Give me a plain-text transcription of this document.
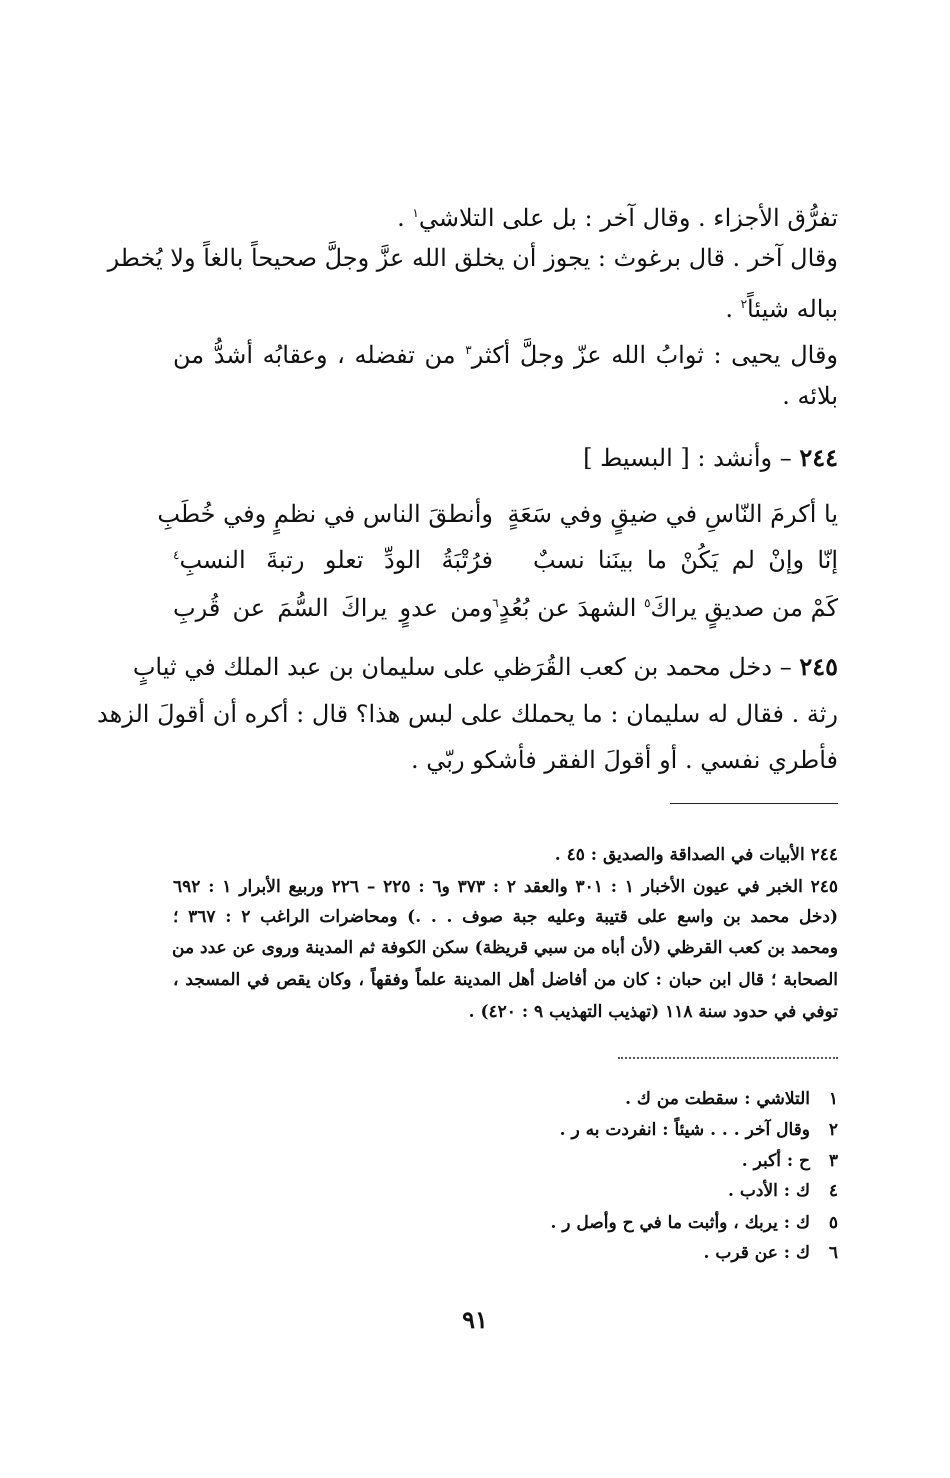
تفرُّق الأجزاء . وقال آخر : بل على التلاشي$^١$ .
وقال آخر . قال برغوث : يجوز أن يخلق الله عزَّ وجلَّ صحيحاً بالغاً ولا يُخطر
بباله شيئاً$^٢$ .
وقال يحيى : ثوابُ الله عزّ وجلَّ أكثر$^٣$ من تفضله ، وعقابُه أشدُّ من
بلائه .
٢٤٤ – وأنشد : [ البسيط ]
يا أكرمَ النّاسِ في ضيقٍ وفي سَعَةٍ
وأنطقَ الناس في نظمٍ وفي خُطَبِ
إنّا وإنْ لم يَكُنْ ما بينَنا نسبٌ
فرُتْبَةُ الودِّ تعلو رتبةَ النسبِ$^٤$
كَمْ من صديقٍ يراكَ$^٥$ الشهدَ عن بُعُدٍ$^٦$
ومن عدوٍ يراكَ السُّمَ عن قُربِ
٢٤٥ – دخل محمد بن كعب القُرَظي على سليمان بن عبد الملك في ثيابٍ
رثة . فقال له سليمان : ما يحملك على لبس هذا؟ قال : أكره أن أقولَ الزهد
فأطري نفسي . أو أقولَ الفقر فأشكو ربّي .
٢٤٤ الأبيات في الصداقة والصديق : ٤٥ .
٢٤٥ الخبر في عيون الأخبار ١ : ٣٠١ والعقد ٢ : ٣٧٣ و٦ : ٢٢٥ – ٢٢٦ وربيع الأبرار ١ : ٦٩٢
(دخل محمد بن واسع على قتيبة وعليه جبة صوف . . .) ومحاضرات الراغب ٢ : ٣٦٧ ؛
ومحمد بن كعب القرظي (لأن أباه من سبي قريظة) سكن الكوفة ثم المدينة وروى عن عدد من
الصحابة ؛ قال ابن حبان : كان من أفاضل أهل المدينة علماً وفقهاً ، وكان يقص في المسجد ،
توفي في حدود سنة ١١٨ (تهذيب التهذيب ٩ : ٤٢٠) .
١التلاشي : سقطت من ك .
٢وقال آخر . . . شيئاً : انفردت به ر .
٣ح : أكبر .
٤ك : الأدب .
٥ك : يربك ، وأثبت ما في ح وأصل ر .
٦ك : عن قرب .
٩١
